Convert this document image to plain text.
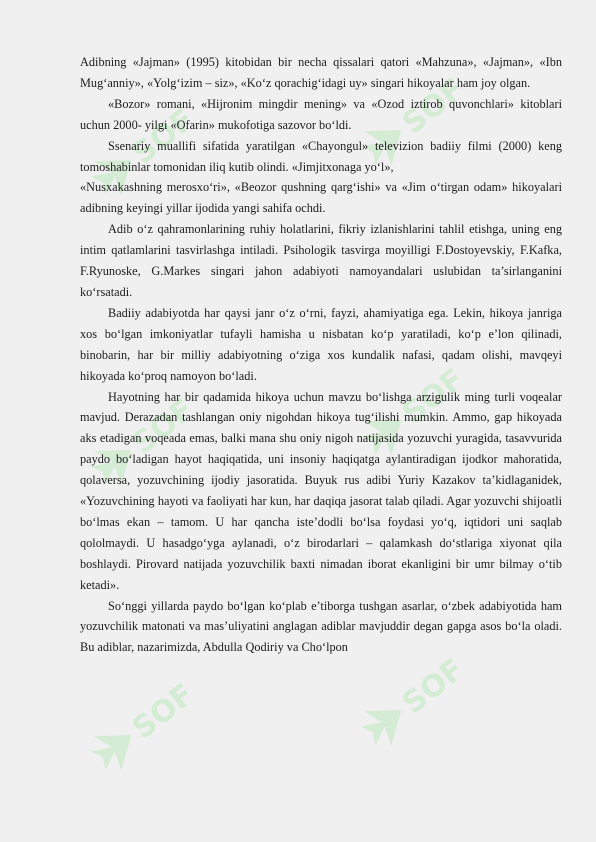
SOF	SOF
SOF	SOF
SOF	SOF

Adibning «Jajman» (1995) kitobidan bir necha qissalari qatori «Mahzuna», «Jajman», «Ibn Mug‘anniy», «Yolg‘izim – siz», «Ko‘z qorachig‘idagi uy» singari hikoyalar ham joy olgan.

«Bozor» romani, «Hijronim mingdir mening» va «Ozod iztirob quvonchlari» kitoblari uchun 2000- yilgi «Ofarin» mukofotiga sazovor bo‘ldi.

Ssenariy muallifi sifatida yaratilgan «Chayongul» televizion badiiy filmi (2000) keng tomoshabinlar tomonidan iliq kutib olindi. «Jimjitxonaga yo‘l»,

«Nusxakashning merosxo‘ri», «Beozor qushning qarg‘ishi» va «Jim o‘tirgan odam» hikoyalari adibning keyingi yillar ijodida yangi sahifa ochdi.

Adib o‘z qahramonlarining ruhiy holatlarini, fikriy izlanishlarini tahlil etishga, uning eng intim qatlamlarini tasvirlashga intiladi. Psihologik tasvirga moyilligi F.Dostoyevskiy, F.Kafka, F.Ryunoske, G.Markes singari jahon adabiyoti namoyandalari uslubidan ta’sirlanganini ko‘rsatadi.

Badiiy adabiyotda har qaysi janr o‘z o‘rni, fayzi, ahamiyatiga ega. Lekin, hikoya janriga xos bo‘lgan imkoniyatlar tufayli hamisha u nisbatan ko‘p yaratiladi, ko‘p e’lon qilinadi, binobarin, har bir milliy adabiyotning o‘ziga xos kundalik nafasi, qadam olishi, mavqeyi hikoyada ko‘proq namoyon bo‘ladi.

Hayotning har bir qadamida hikoya uchun mavzu bo‘lishga arzigulik ming turli voqealar mavjud. Derazadan tashlangan oniy nigohdan hikoya tug‘ilishi mumkin. Ammo, gap hikoyada aks etadigan voqeada emas, balki mana shu oniy nigoh natijasida yozuvchi yuragida, tasavvurida paydo bo‘ladigan hayot haqiqatida, uni insoniy haqiqatga aylantiradigan ijodkor mahoratida, qolaversa, yozuvchining ijodiy jasoratida. Buyuk rus adibi Yuriy Kazakov ta’kidlaganidek, «Yozuvchining hayoti va faoliyati har kun, har daqiqa jasorat talab qiladi. Agar yozuvchi shijoatli bo‘lmas ekan – tamom. U har qancha iste’dodli bo‘lsa foydasi yo‘q, iqtidori uni saqlab qololmaydi. U hasadgo‘yga aylanadi, o‘z birodarlari – qalamkash do‘stlariga xiyonat qila boshlaydi. Pirovard natijada yozuvchilik baxti nimadan iborat ekanligini bir umr bilmay o‘tib ketadi».

So‘nggi yillarda paydo bo‘lgan ko‘plab e’tiborga tushgan asarlar, o‘zbek adabiyotida ham yozuvchilik matonati va mas’uliyatini anglagan adiblar mavjuddir degan gapga asos bo‘la oladi. Bu adiblar, nazarimizda, Abdulla Qodiriy va Cho‘lpon
